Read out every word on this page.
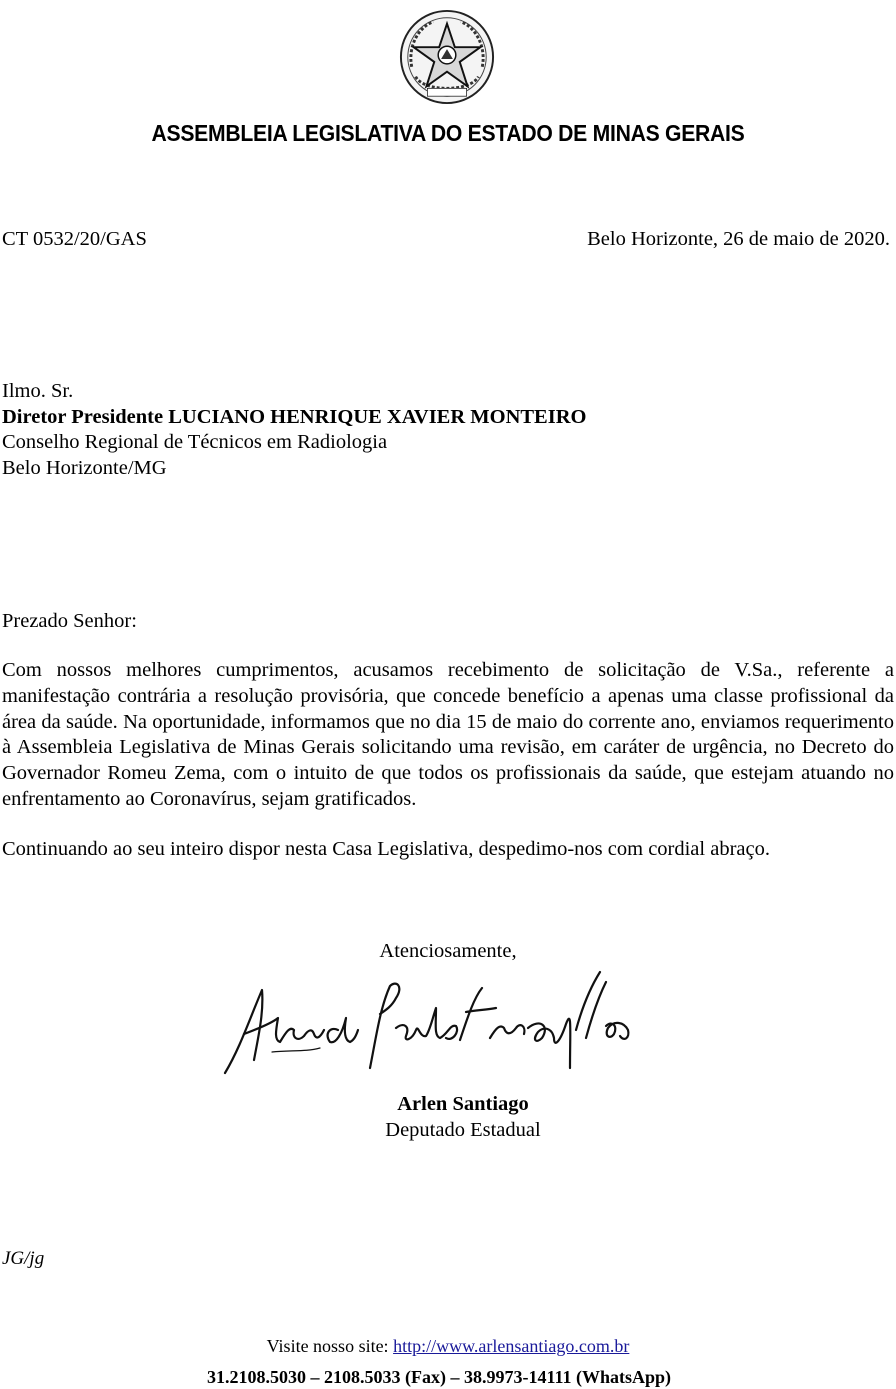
ASSEMBLEIA LEGISLATIVA DO ESTADO DE MINAS GERAIS
CT 0532/20/GAS	Belo Horizonte, 26 de maio de 2020.
Ilmo. Sr.
Diretor Presidente LUCIANO HENRIQUE XAVIER MONTEIRO
Conselho Regional de Técnicos em Radiologia
Belo Horizonte/MG
Prezado Senhor:
Com nossos melhores cumprimentos, acusamos recebimento de solicitação de V.Sa., referente a manifestação contrária a resolução provisória, que concede benefício a apenas uma classe profissional da área da saúde. Na oportunidade, informamos que no dia 15 de maio do corrente ano, enviamos requerimento à Assembleia Legislativa de Minas Gerais solicitando uma revisão, em caráter de urgência, no Decreto do Governador Romeu Zema, com o intuito de que todos os profissionais da saúde, que estejam atuando no enfrentamento ao Coronavírus, sejam gratificados.
Continuando ao seu inteiro dispor nesta Casa Legislativa, despedimo-nos com cordial abraço.
Atenciosamente,
Arlen Santiago
Deputado Estadual
JG/jg
Visite nosso site: http://www.arlensantiago.com.br
31.2108.5030 – 2108.5033 (Fax) – 38.9973-14111 (WhatsApp)
